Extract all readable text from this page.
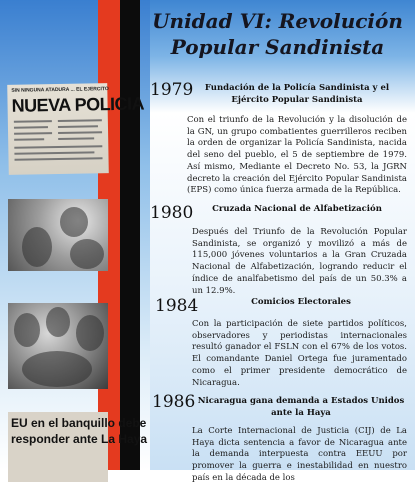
SIN NINGUNA ATADURA ... EL EJERCITO
NUEVA POLICIA
EU en el banquillo debe
responder ante La Haya
Unidad VI: Revolución Popular Sandinista
1979	Fundación de la Policía Sandinista y el Ejército Popular Sandinista

Con el triunfo de la Revolución y la disolución de la GN, un grupo combatientes guerrilleros reciben la orden de organizar la Policía Sandinista, nacida del seno del pueblo, el 5 de septiembre de 1979. Así mismo, Mediante el Decreto No. 53, la JGRN decreto la creación del Ejército Popular Sandinista (EPS) como única fuerza armada de la República.

1980	Cruzada Nacional de Alfabetización

Después del Triunfo de la Revolución Popular Sandinista, se organizó y movilizó a más de 115,000 jóvenes voluntarios a la Gran Cruzada Nacional de Alfabetización, logrando reducir el índice de analfabetismo del país de un 50.3% a un 12.9%.

1984	Comicios Electorales

Con la participación de siete partidos políticos, observadores y periodistas internacionales resultó ganador el FSLN con el 67% de los votos. El comandante Daniel Ortega fue juramentado como el primer presidente democrático de Nicaragua.

1986 Nicaragua gana demanda a Estados Unidos ante la Haya

La Corte Internacional de Justicia (CIJ) de La Haya dicta sentencia a favor de Nicaragua ante la demanda interpuesta contra EEUU por promover la guerra e inestabilidad en nuestro país en la década de los
